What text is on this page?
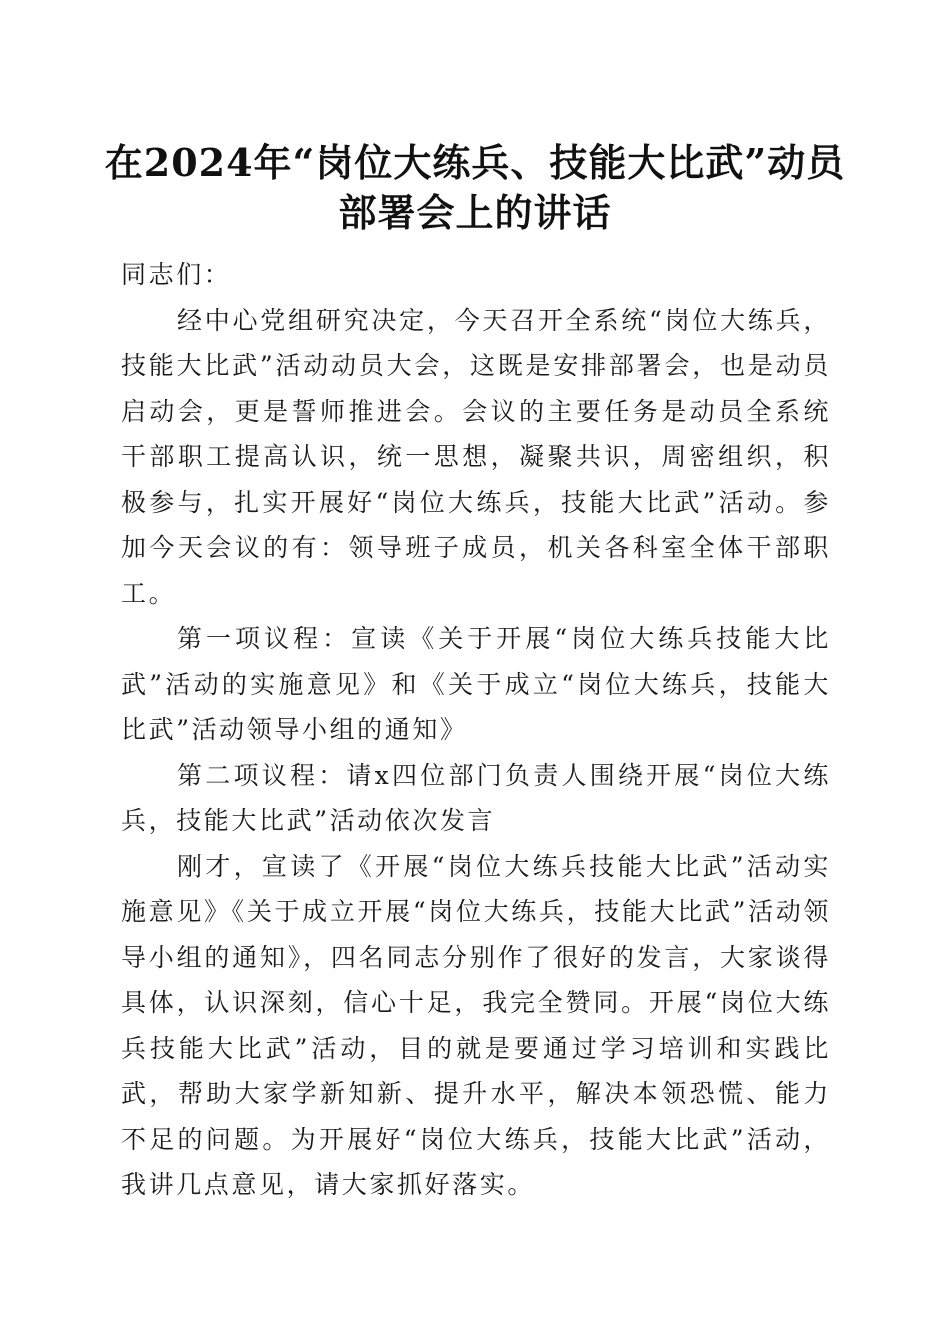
在2024年“岗位大练兵、技能大比武”动员
部署会上的讲话

同志们：

经中心党组研究决定，今天召开全系统“岗位大练兵，技能大比武”活动动员大会，这既是安排部署会，也是动员启动会，更是誓师推进会。会议的主要任务是动员全系统干部职工提高认识，统一思想，凝聚共识，周密组织，积极参与，扎实开展好“岗位大练兵，技能大比武”活动。参加今天会议的有：领导班子成员，机关各科室全体干部职工。

第一项议程：宣读《关于开展“岗位大练兵技能大比武”活动的实施意见》和《关于成立“岗位大练兵，技能大比武”活动领导小组的通知》

第二项议程：请x四位部门负责人围绕开展“岗位大练兵，技能大比武”活动依次发言

刚才，宣读了《开展“岗位大练兵技能大比武”活动实施意见》《关于成立开展“岗位大练兵，技能大比武”活动领导小组的通知》，四名同志分别作了很好的发言，大家谈得具体，认识深刻，信心十足，我完全赞同。开展“岗位大练兵技能大比武”活动，目的就是要通过学习培训和实践比武，帮助大家学新知新、提升水平，解决本领恐慌、能力不足的问题。为开展好“岗位大练兵，技能大比武”活动，我讲几点意见，请大家抓好落实。
